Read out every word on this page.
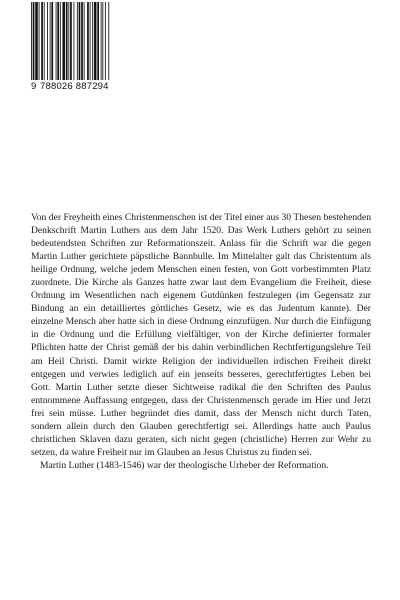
9 788026 887294

Von der Freyheith eines Christenmenschen ist der Titel einer aus 30 Thesen bestehenden Denkschrift Martin Luthers aus dem Jahr 1520. Das Werk Luthers gehört zu seinen bedeutendsten Schriften zur Reformationszeit. Anlass für die Schrift war die gegen Martin Luther gerichtete päpstliche Bannbulle. Im Mittelalter galt das Christentum als heilige Ordnung, welche jedem Menschen einen festen, von Gott vorbestimmten Platz zuordnete. Die Kirche als Ganzes hatte zwar laut dem Evangelium die Freiheit, diese Ordnung im Wesentlichen nach eigenem Gutdünken festzulegen (im Gegensatz zur Bindung an ein detailliertes göttliches Gesetz, wie es das Judentum kannte). Der einzelne Mensch aber hatte sich in diese Ordnung einzufügen. Nur durch die Einfügung in die Ordnung und die Erfüllung vielfältiger, von der Kirche definierter formaler Pflichten hatte der Christ gemäß der bis dahin verbindlichen Rechtfertigungslehre Teil am Heil Christi. Damit wirkte Religion der individuellen irdischen Freiheit direkt entgegen und verwies lediglich auf ein jenseits besseres, gerechtfertigtes Leben bei Gott. Martin Luther setzte dieser Sichtweise radikal die den Schriften des Paulus entnommene Auffassung entgegen, dass der Christenmensch gerade im Hier und Jetzt frei sein müsse. Luther begründet dies damit, dass der Mensch nicht durch Taten, sondern allein durch den Glauben gerechtfertigt sei. Allerdings hatte auch Paulus christlichen Sklaven dazu geraten, sich nicht gegen (christliche) Herren zur Wehr zu setzen, da wahre Freiheit nur im Glauben an Jesus Christus zu finden sei.

Martin Luther (1483-1546) war der theologische Urheber der Reformation.
